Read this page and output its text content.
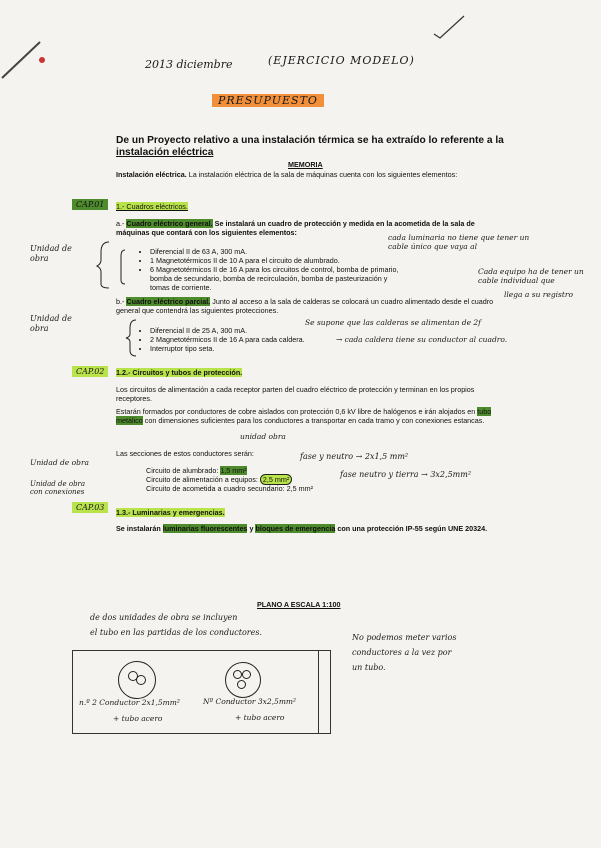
2013 diciembre	(EJERCICIO MODELO)
PRESUPUESTO
De un Proyecto relativo a una instalación térmica se ha extraído lo referente a la
instalación eléctrica
MEMORIA
Instalación eléctrica. La instalación eléctrica de la sala de máquinas cuenta con los siguientes elementos:
CAP.01	1.- Cuadros eléctricos.
a.- Cuadro eléctrico general. Se instalará un cuadro de protección y medida en la acometida de la sala de máquinas que contará con los siguientes elementos:
Unidad de obra
• Diferencial II de 63 A, 300 mA.
• 1 Magnetotérmicos II de 10 A para el circuito de alumbrado.
• 6 Magnetotérmicos II de 16 A para los circuitos de control, bomba de primario, bomba de secundario, bomba de recirculación, bomba de pasteurización y tomas de corriente.
cada luminaria no tiene que tener un cable único que vaya al
Cada equipo ha de tener un cable individual que
b.- Cuadro eléctrico parcial. Junto al acceso a la sala de calderas se colocará un cuadro alimentado desde el cuadro general que contendrá las siguientes protecciones.
llega a su registro
Unidad de obra
•	Diferencial II de 25 A, 300 mA.
• 2 Magnetotérmicos II de 16 A para cada caldera.
• Interruptor tipo seta.
Se supone que las calderas se alimentan de 2f
→ cada caldera tiene su conductor al cuadro.
CAP.02	1.2.- Circuitos y tubos de protección.
Los circuitos de alimentación a cada receptor parten del cuadro eléctrico de protección y terminan en los propios receptores.
Estarán formados por conductores de cobre aislados con protección 0,6 kV libre de halógenos e irán alojados en tubo metálico con dimensiones suficientes para los conductores a transportar en cada tramo y con conexiones estancas.
unidad obra
Las secciones de estos conductores serán:
Unidad de obra
Unidad de obra con conexiones
Circuito de alumbrado: 1,5 mm²
Circuito de alimentación a equipos: 2,5 mm²
Circuito de acometida a cuadro secundario: 2,5 mm²
fase y neutro → 2x1,5 mm²
fase neutro y tierra → 3x2,5mm²
CAP.03
1.3.- Luminarias y emergencias.
Se instalarán luminarias fluorescentes y bloques de emergencia con una protección IP-55 según UNE 20324.
PLANO A ESCALA 1:100
de dos unidades de obra se incluyen
el tubo en las partidas de los conductores.
No podemos meter varios
conductores a la vez por
un tubo.
n.º 2 Conductor 2x1,5mm²
+ tubo acero
Nº Conductor 3x2,5mm²
+ tubo acero
